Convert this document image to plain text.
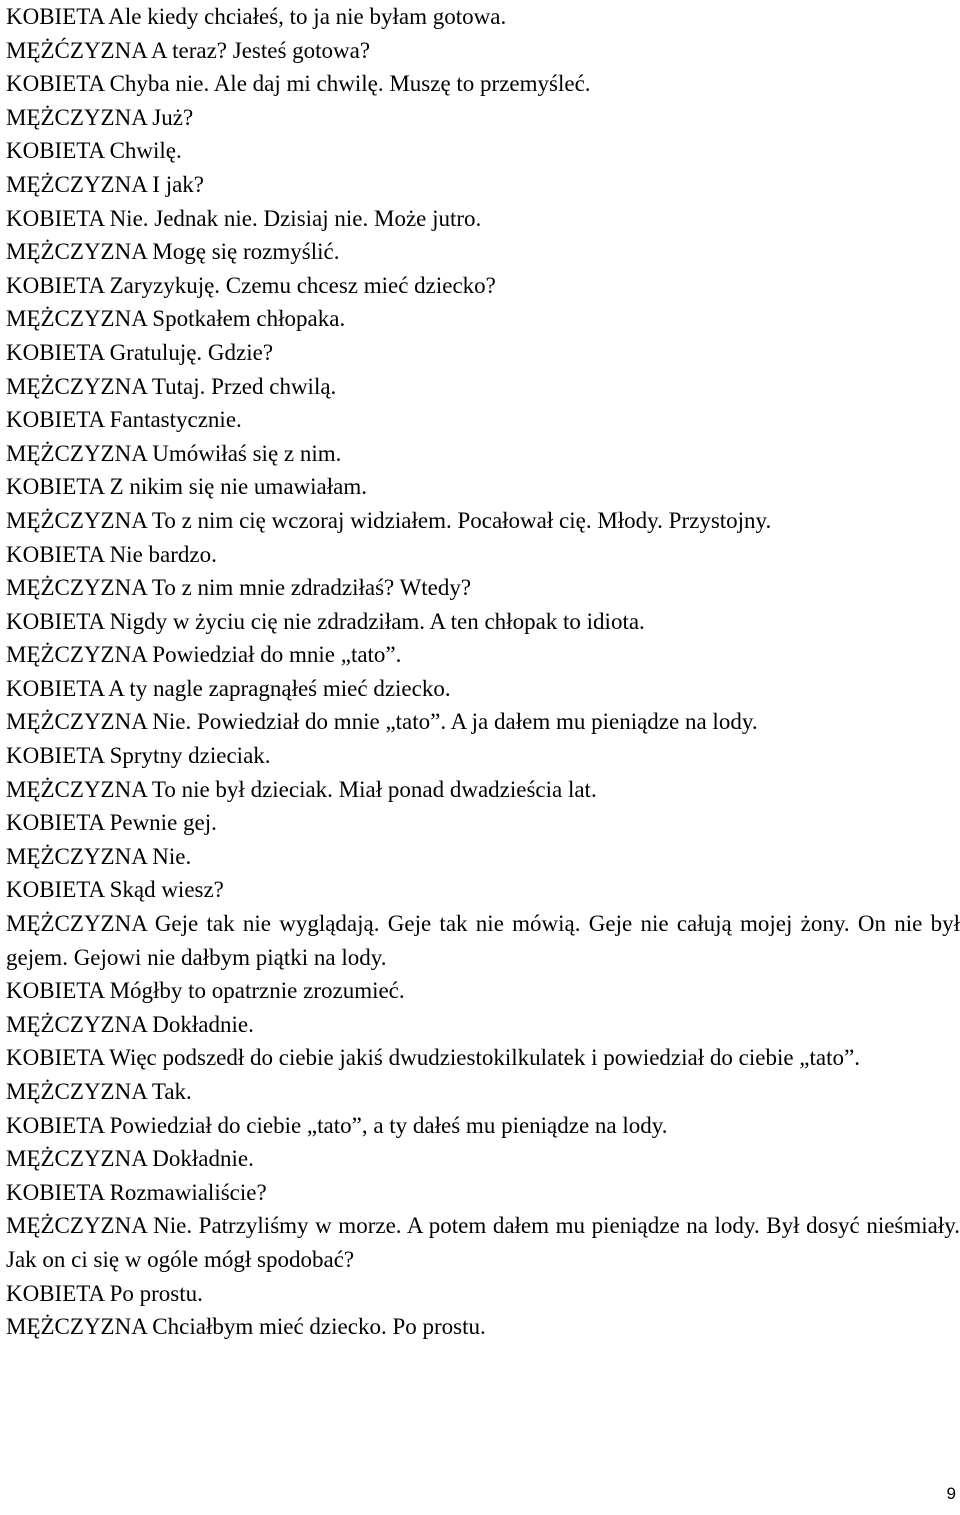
KOBIETA Ale kiedy chciałeś, to ja nie byłam gotowa.
MĘŻĆZYZNA A teraz? Jesteś gotowa?
KOBIETA Chyba nie. Ale daj mi chwilę. Muszę to przemyśleć.
MĘŻCZYZNA Już?
KOBIETA Chwilę.
MĘŻCZYZNA I jak?
KOBIETA Nie. Jednak nie. Dzisiaj nie. Może jutro.
MĘŻCZYZNA Mogę się rozmyślić.
KOBIETA Zaryzykuję. Czemu chcesz mieć dziecko?
MĘŻCZYZNA Spotkałem chłopaka.
KOBIETA Gratuluję. Gdzie?
MĘŻCZYZNA Tutaj. Przed chwilą.
KOBIETA Fantastycznie.
MĘŻCZYZNA Umówiłaś się z nim.
KOBIETA Z nikim się nie umawiałam.
MĘŻCZYZNA To z nim cię wczoraj widziałem. Pocałował cię. Młody. Przystojny.
KOBIETA Nie bardzo.
MĘŻCZYZNA To z nim mnie zdradziłaś? Wtedy?
KOBIETA Nigdy w życiu cię nie zdradziłam. A ten chłopak to idiota.
MĘŻCZYZNA Powiedział do mnie „tato”.
KOBIETA A ty nagle zapragnąłeś mieć dziecko.
MĘŻCZYZNA Nie. Powiedział do mnie „tato”. A ja dałem mu pieniądze na lody.
KOBIETA Sprytny dzieciak.
MĘŻCZYZNA To nie był dzieciak. Miał ponad dwadzieścia lat.
KOBIETA Pewnie gej.
MĘŻCZYZNA Nie.
KOBIETA Skąd wiesz?
MĘŻCZYZNA Geje tak nie wyglądają. Geje tak nie mówią. Geje nie całują mojej żony. On nie był gejem. Gejowi nie dałbym piątki na lody.
KOBIETA Mógłby to opatrznie zrozumieć.
MĘŻCZYZNA Dokładnie.
KOBIETA Więc podszedł do ciebie jakiś dwudziestokilkulatek i powiedział do ciebie „tato”.
MĘŻCZYZNA Tak.
KOBIETA Powiedział do ciebie „tato”, a ty dałeś mu pieniądze na lody.
MĘŻCZYZNA Dokładnie.
KOBIETA Rozmawialiście?
MĘŻCZYZNA Nie. Patrzyliśmy w morze. A potem dałem mu pieniądze na lody. Był dosyć nieśmiały. Jak on ci się w ogóle mógł spodobać?
KOBIETA Po prostu.
MĘŻCZYZNA Chciałbym mieć dziecko. Po prostu.
9
